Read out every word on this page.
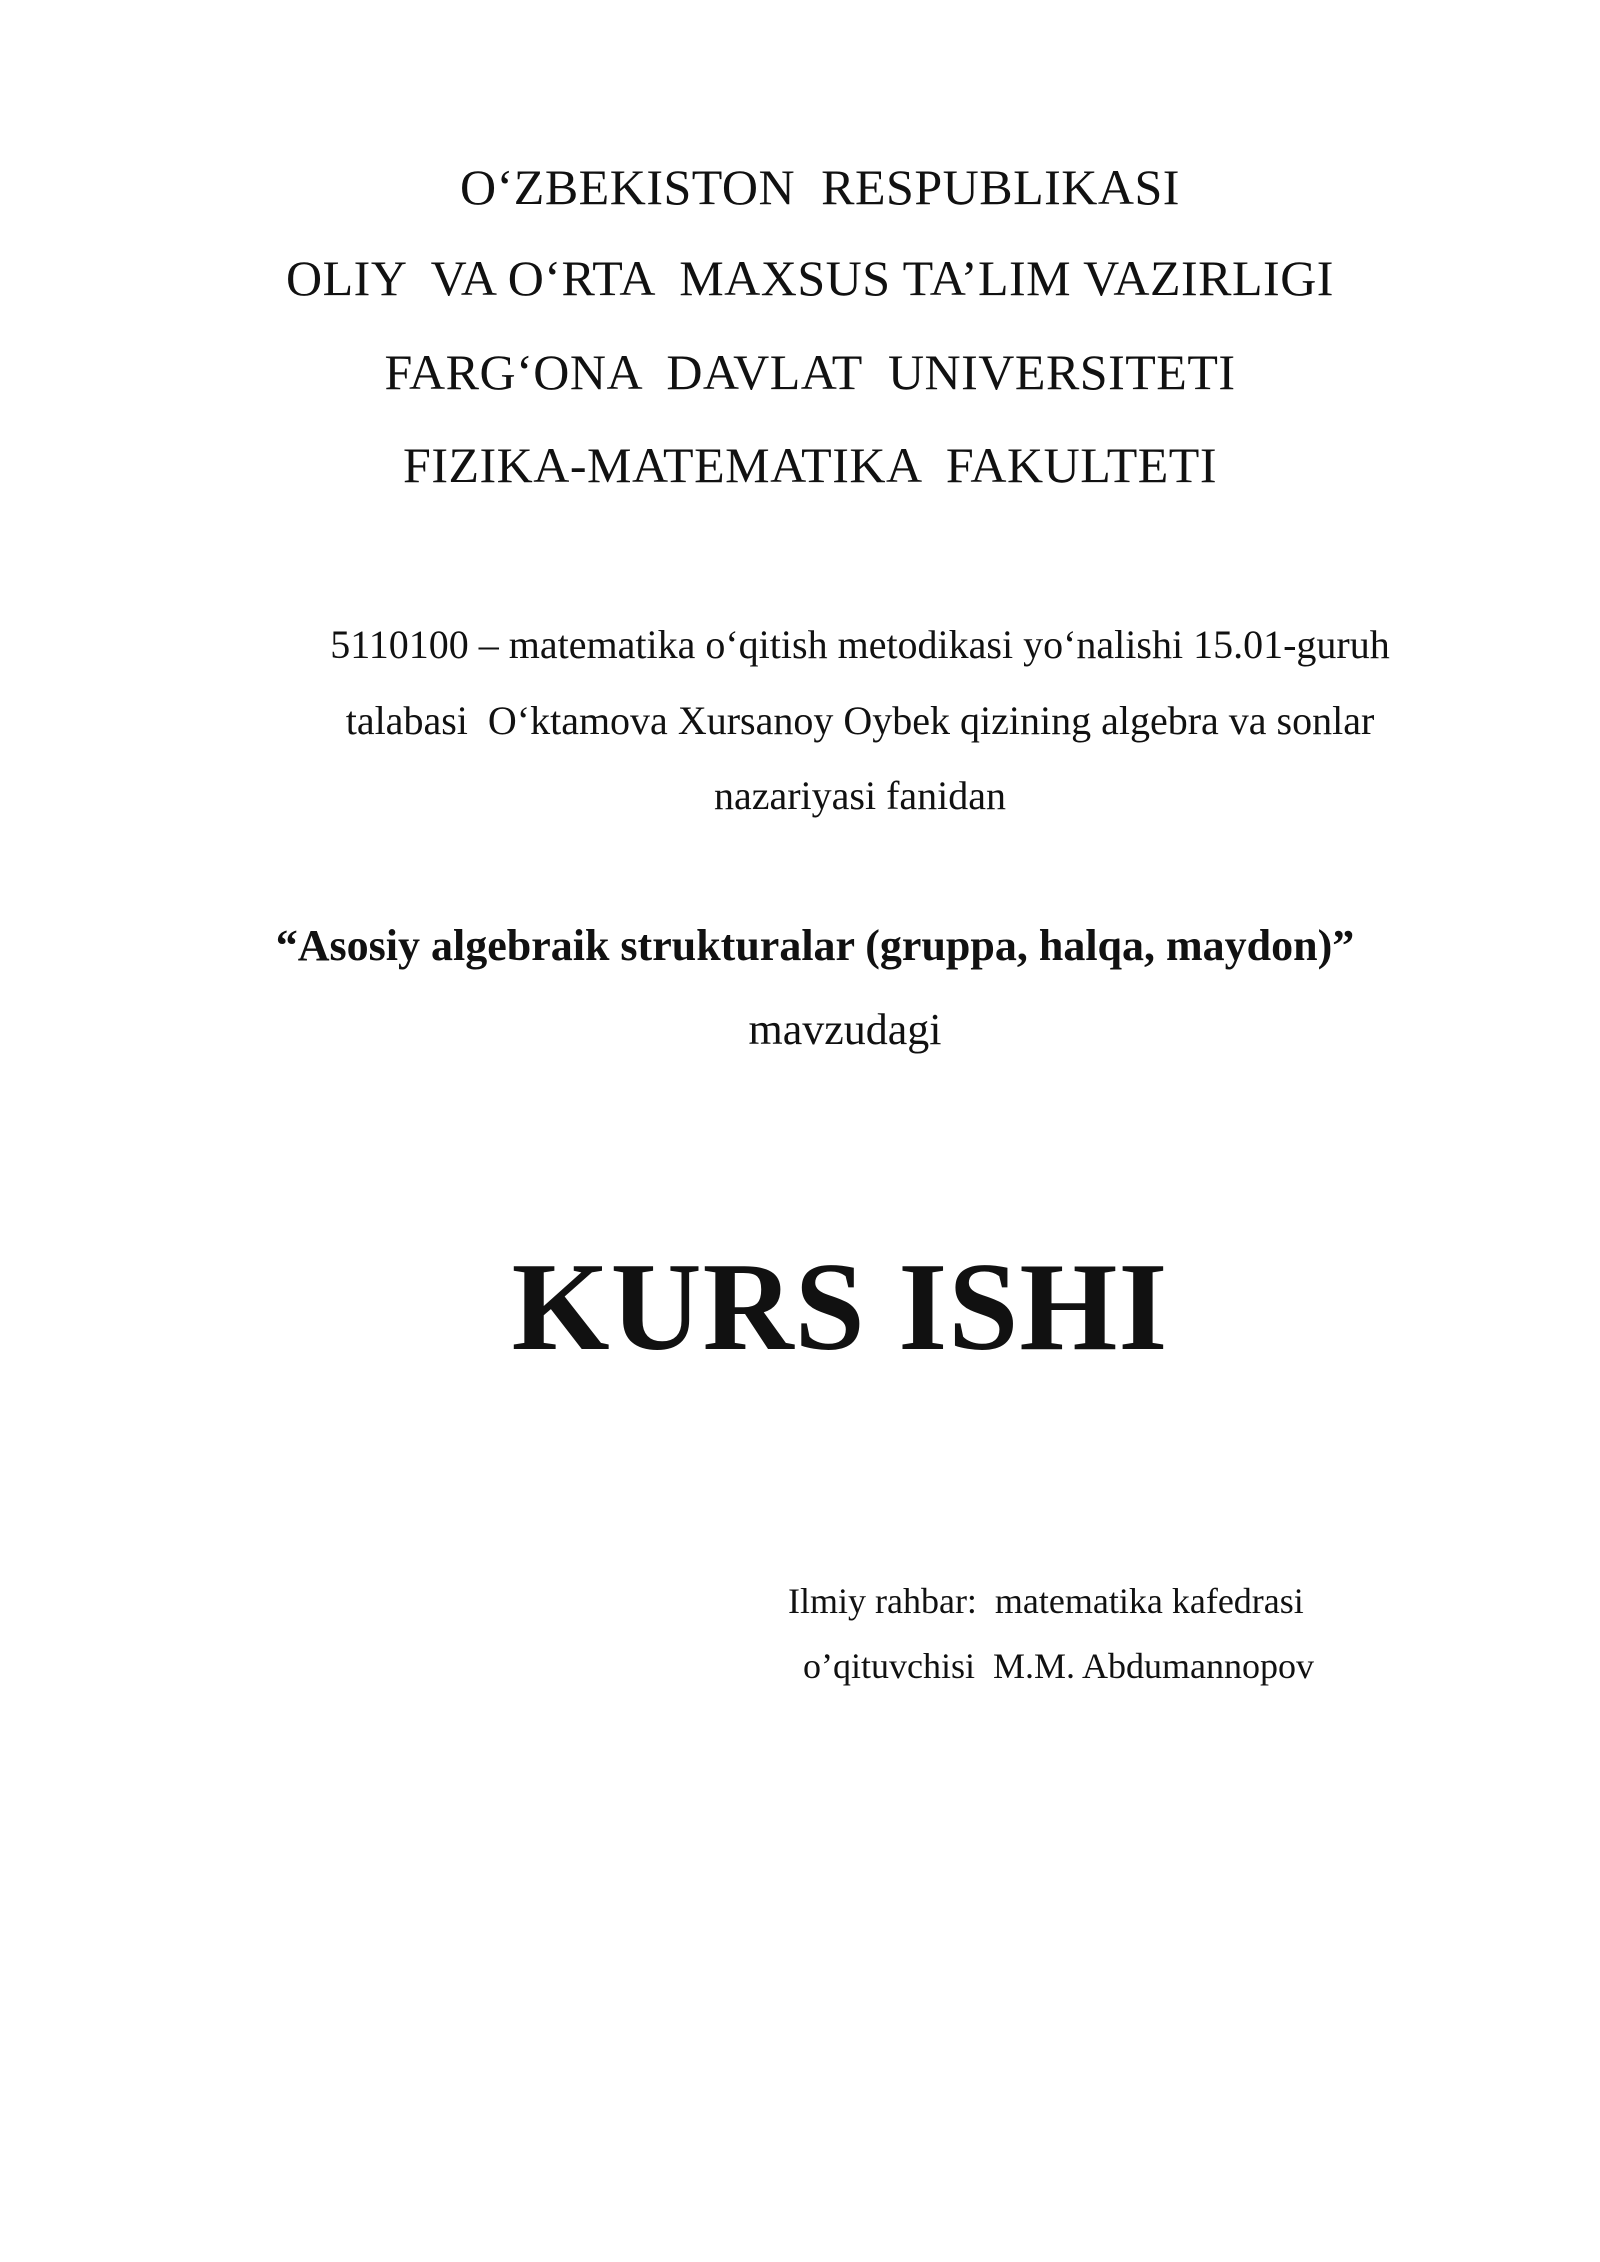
O‘ZBEKISTON  RESPUBLIKASI
OLIY  VA O‘RTA  MAXSUS TA’LIM VAZIRLIGI
FARG‘ONA  DAVLAT  UNIVERSITETI
FIZIKA-MATEMATIKA  FAKULTETI
5110100 – matematika o‘qitish metodikasi yo‘nalishi 15.01-guruh
talabasi  O‘ktamova Xursanoy Oybek qizining algebra va sonlar
nazariyasi fanidan
“Asosiy algebraik strukturalar (gruppa, halqa, maydon)”
mavzudagi
KURS ISHI
Ilmiy rahbar:  matematika kafedrasi
o’qituvchisi  M.M. Abdumannopov
